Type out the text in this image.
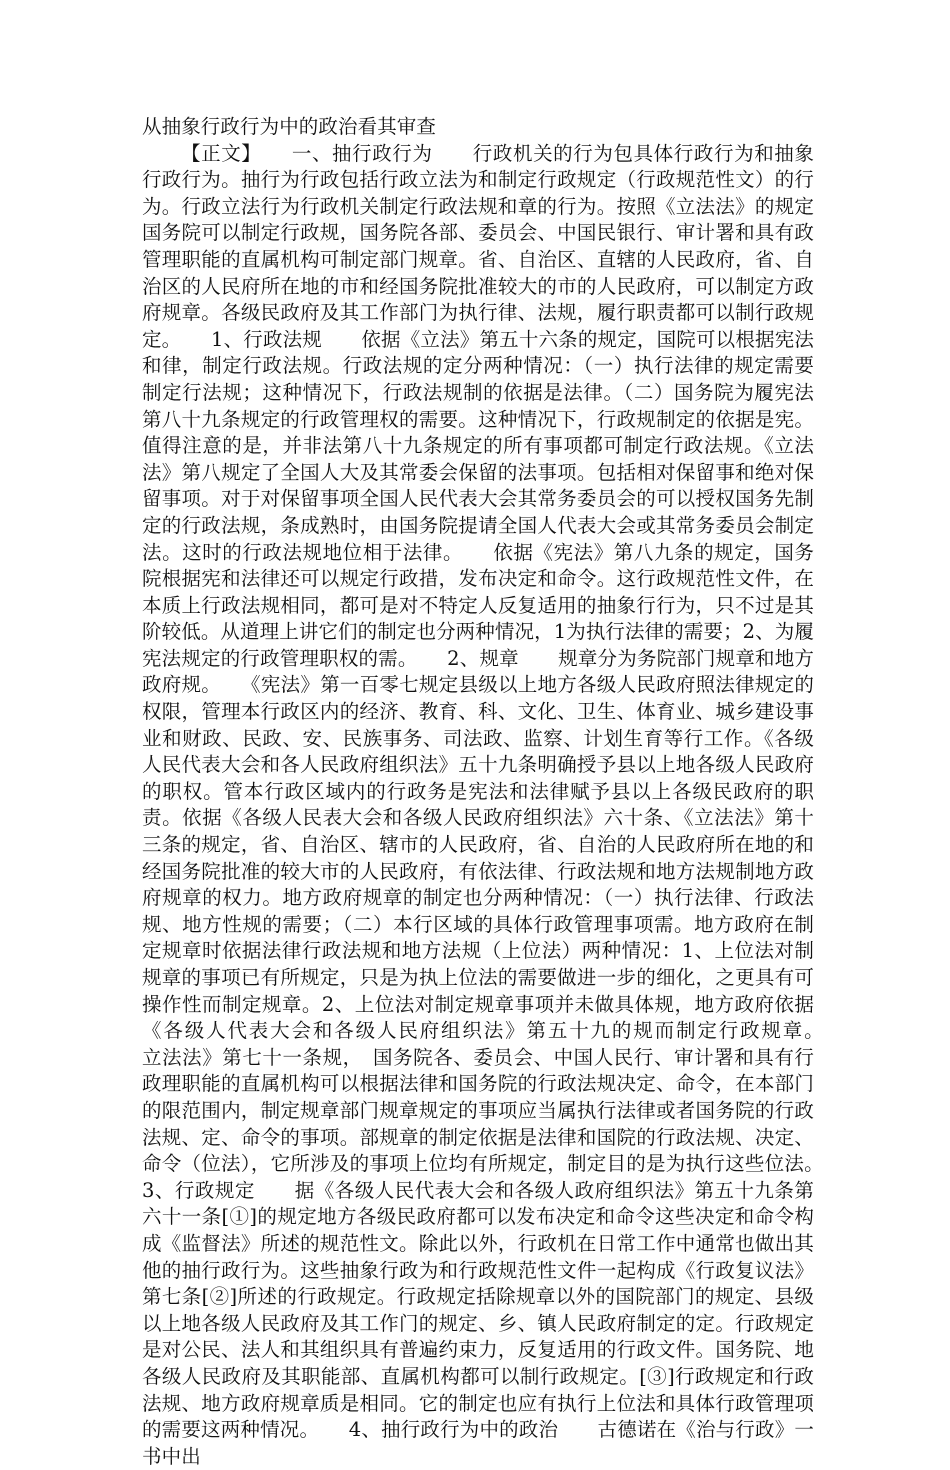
从抽象行政行为中的政治看其审查

【正文】　　一、抽行政行为　　行政机关的行为包具体行政行为和抽象行政行为。抽行为行政包括行政立法为和制定行政规定（行政规范性文）的行为。行政立法行为行政机关制定行政法规和章的行为。按照《立法法》的规定国务院可以制定行政规，国务院各部、委员会、中国民银行、审计署和具有政管理职能的直属机构可制定部门规章。省、自治区、直辖的人民政府，省、自治区的人民府所在地的市和经国务院批准较大的市的人民政府，可以制定方政府规章。各级民政府及其工作部门为执行律、法规，履行职责都可以制行政规定。　　1、行政法规　　依据《立法》第五十六条的规定，国院可以根据宪法和律，制定行政法规。行政法规的定分两种情况：（一）执行法律的规定需要制定行法规；这种情况下，行政法规制的依据是法律。（二）国务院为履宪法第八十九条规定的行政管理权的需要。这种情况下，行政规制定的依据是宪。值得注意的是，并非法第八十九条规定的所有事项都可制定行政法规。《立法法》第八规定了全国人大及其常委会保留的法事项。包括相对保留事和绝对保留事项。对于对保留事项全国人民代表大会其常务委员会的可以授权国务先制定的行政法规，条成熟时，由国务院提请全国人代表大会或其常务委员会制定法。这时的行政法规地位相于法律。　　依据《宪法》第八九条的规定，国务院根据宪和法律还可以规定行政措，发布决定和命令。这行政规范性文件，在本质上行政法规相同，都可是对不特定人反复适用的抽象行行为，只不过是其阶较低。从道理上讲它们的制定也分两种情况，1为执行法律的需要；2、为履宪法规定的行政管理职权的需。　　2、规章　　规章分为务院部门规章和地方政府规。　　《宪法》第一百零七规定县级以上地方各级人民政府照法律规定的权限，管理本行政区内的经济、教育、科、文化、卫生、体育业、城乡建设事业和财政、民政、安、民族事务、司法政、监察、计划生育等行工作。《各级人民代表大会和各人民政府组织法》五十九条明确授予县以上地各级人民政府的职权。管本行政区域内的行政务是宪法和法律赋予县以上各级民政府的职责。依据《各级人民表大会和各级人民政府组织法》六十条、《立法法》第十三条的规定，省、自治区、辖市的人民政府，省、自治的人民政府所在地的和经国务院批准的较大市的人民政府，有依法律、行政法规和地方法规制地方政府规章的权力。地方政府规章的制定也分两种情况：（一）执行法律、行政法规、地方性规的需要；（二）本行区域的具体行政管理事项需。地方政府在制定规章时依据法律行政法规和地方法规（上位法）两种情况：1、上位法对制规章的事项已有所规定，只是为执上位法的需要做进一步的细化，之更具有可操作性而制定规章。2、上位法对制定规章事项并未做具体规，地方政府依据《各级人代表大会和各级人民府组织法》第五十九的规而制定行政规章。　　立法法》第七十一条规，　国务院各、委员会、中国人民行、审计署和具有行政理职能的直属机构可以根据法律和国务院的行政法规决定、命令，在本部门的限范围内，制定规章部门规章规定的事项应当属执行法律或者国务院的行政法规、定、命令的事项。部规章的制定依据是法律和国院的行政法规、决定、命令（位法），它所涉及的事项上位均有所规定，制定目的是为执行这些位法。　　3、行政规定　　据《各级人民代表大会和各级人政府组织法》第五十九条第六十一条[①]的规定地方各级民政府都可以发布决定和命令这些决定和命令构成《监督法》所述的规范性文。除此以外，行政机在日常工作中通常也做出其他的抽行政行为。这些抽象行政为和行政规范性文件一起构成《行政复议法》第七条[②]所述的行政规定。行政规定括除规章以外的国院部门的规定、县级以上地各级人民政府及其工作门的规定、乡、镇人民政府制定的定。行政规定是对公民、法人和其组织具有普遍约束力，反复适用的行政文件。国务院、地各级人民政府及其职能部、直属机构都可以制行政规定。[③]行政规定和行政法规、地方政府规章质是相同。它的制定也应有执行上位法和具体行政管理项的需要这两种情况。　　4、抽行政行为中的政治　　古德诺在《治与行政》一书中出
